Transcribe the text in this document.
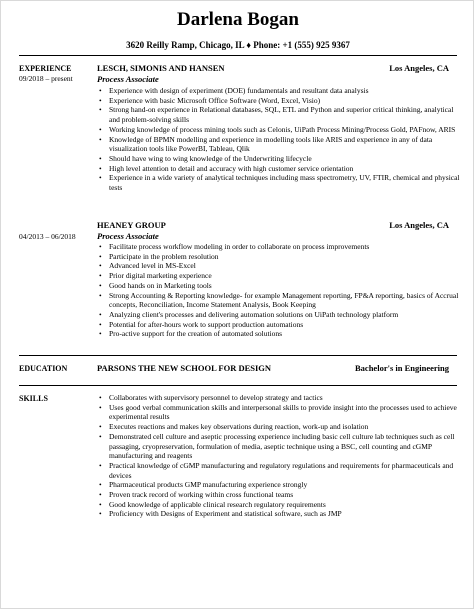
Darlena Bogan
3620 Reilly Ramp, Chicago, IL ♦ Phone: +1 (555) 925 9367
EXPERIENCE
09/2018 – present
LESCH, SIMONIS AND HANSEN	Los Angeles, CA
Process Associate
• Experience with design of experiment (DOE) fundamentals and resultant data analysis
• Experience with basic Microsoft Office Software (Word, Excel, Visio)
• Strong hand-on experience in Relational databases, SQL, ETL and Python and superior critical thinking, analytical and problem-solving skills
• Working knowledge of process mining tools such as Celonis, UiPath Process Mining/Process Gold, PAFnow, ARIS
• Knowledge of BPMN modelling and experience in modelling tools like ARIS and experience in any of data visualization tools like PowerBI, Tableau, Qlik
• Should have wing to wing knowledge of the Underwriting lifecycle
• High level attention to detail and accuracy with high customer service orientation
• Experience in a wide variety of analytical techniques including mass spectrometry, UV, FTIR, chemical and physical tests
04/2013 – 06/2018
HEANEY GROUP	Los Angeles, CA
Process Associate
• Facilitate process workflow modeling in order to collaborate on process improvements
• Participate in the problem resolution
• Advanced level in MS-Excel
• Prior digital marketing experience
• Good hands on in Marketing tools
• Strong Accounting & Reporting knowledge- for example Management reporting, FP&A reporting, basics of Accrual concepts, Reconciliation, Income Statement Analysis, Book Keeping
• Analyzing client's processes and delivering automation solutions on UiPath technology platform
• Potential for after-hours work to support production automations
• Pro-active support for the creation of automated solutions
EDUCATION	PARSONS THE NEW SCHOOL FOR DESIGN	Bachelor's in Engineering
SKILLS
•	Collaborates with supervisory personnel to develop strategy and tactics
• Uses good verbal communication skills and interpersonal skills to provide insight into the processes used to achieve experimental results
• Executes reactions and makes key observations during reaction, work-up and isolation
• Demonstrated cell culture and aseptic processing experience including basic cell culture lab techniques such as cell passaging, cryopreservation, formulation of media, aseptic technique using a BSC, cell counting and cGMP manufacturing and reagents
• Practical knowledge of cGMP manufacturing and regulatory regulations and requirements for pharmaceuticals and devices
• Pharmaceutical products GMP manufacturing experience strongly
• Proven track record of working within cross functional teams
• Good knowledge of applicable clinical research regulatory requirements
• Proficiency with Designs of Experiment and statistical software, such as JMP
